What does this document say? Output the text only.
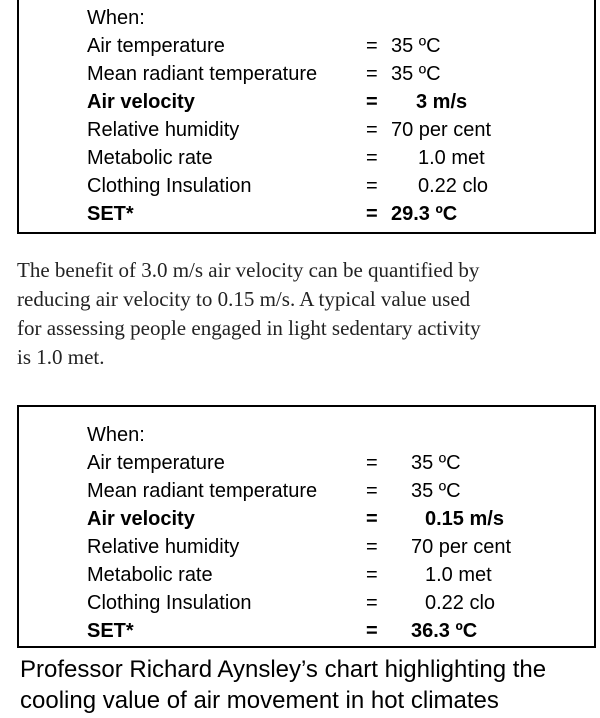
When:
Air temperature	= 35 ºC
Mean radiant temperature = 35 ºC
Air velocity	= 3 m/s
Relative humidity	= 70 per cent
Metabolic rate	= 1.0 met
Clothing Insulation	= 0.22 clo
SET*	= 29.3 ºC
The benefit of 3.0 m/s air velocity can be quantified by
reducing air velocity to 0.15 m/s. A typical value used
for assessing people engaged in light sedentary activity
is 1.0 met.
When:
Air temperature	= 35 ºC
Mean radiant temperature = 35 ºC
Air velocity	= 0.15 m/s
Relative humidity	= 70 per cent
Metabolic rate	= 1.0 met
Clothing Insulation	= 0.22 clo
SET*	= 36.3 ºC
Professor Richard Aynsley’s chart highlighting the
cooling value of air movement in hot climates
